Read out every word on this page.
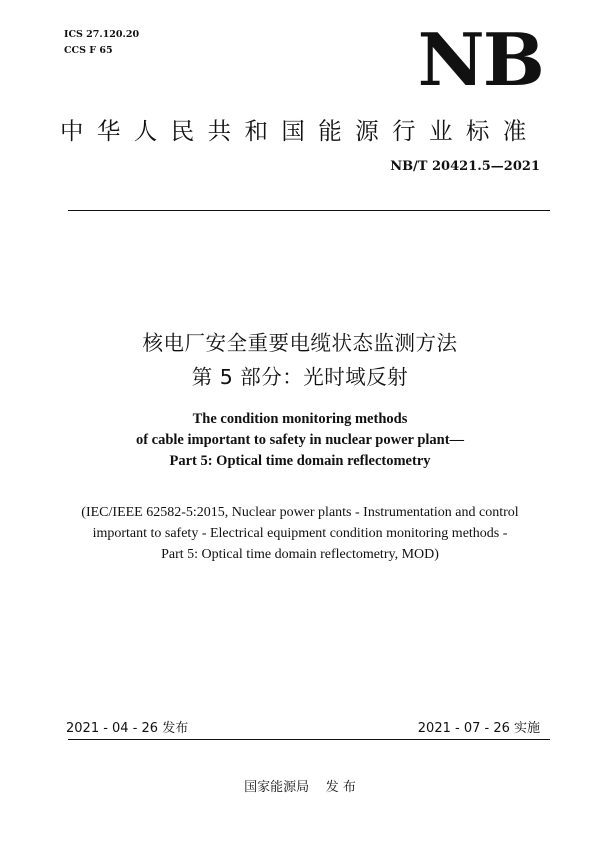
ICS 27.120.20
CCS F 65	NB
中华人民共和国能源行业标准
NB/T 20421.5—2021
核电厂安全重要电缆状态监测方法
第 5 部分：光时域反射
The condition monitoring methods
of cable important to safety in nuclear power plant—
Part 5: Optical time domain reflectometry
(IEC/IEEE 62582-5:2015, Nuclear power plants - Instrumentation and control
important to safety - Electrical equipment condition monitoring methods -
Part 5: Optical time domain reflectometry, MOD)
2021 - 04 - 26 发布	2021 - 07 - 26 实施
国家能源局    发 布
